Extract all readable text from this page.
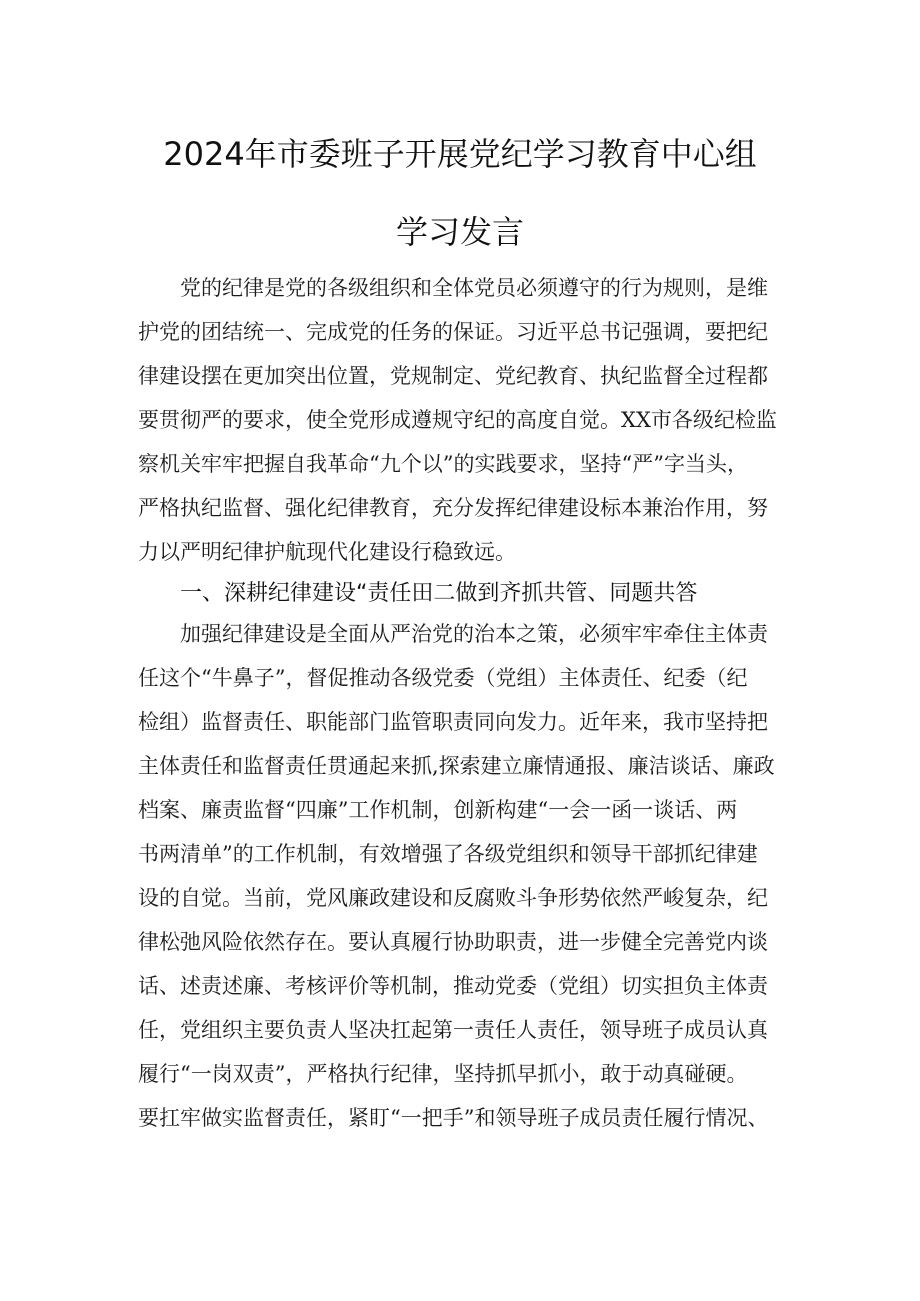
2024年市委班子开展党纪学习教育中心组
学习发言
党的纪律是党的各级组织和全体党员必须遵守的行为规则，是维
护党的团结统一、完成党的任务的保证。习近平总书记强调，要把纪
律建设摆在更加突出位置，党规制定、党纪教育、执纪监督全过程都
要贯彻严的要求，使全党形成遵规守纪的高度自觉。XX市各级纪检监
察机关牢牢把握自我革命“九个以”的实践要求，坚持“严”字当头，
严格执纪监督、强化纪律教育，充分发挥纪律建设标本兼治作用，努
力以严明纪律护航现代化建设行稳致远。
一、深耕纪律建设“责任田二做到齐抓共管、同题共答
加强纪律建设是全面从严治党的治本之策，必须牢牢牵住主体责
任这个“牛鼻子”，督促推动各级党委（党组）主体责任、纪委（纪
检组）监督责任、职能部门监管职责同向发力。近年来，我市坚持把
主体责任和监督责任贯通起来抓,探索建立廉情通报、廉洁谈话、廉政
档案、廉责监督“四廉”工作机制，创新构建“一会一函一谈话、两
书两清单”的工作机制，有效增强了各级党组织和领导干部抓纪律建
设的自觉。当前，党风廉政建设和反腐败斗争形势依然严峻复杂，纪
律松弛风险依然存在。要认真履行协助职责，进一步健全完善党内谈
话、述责述廉、考核评价等机制，推动党委（党组）切实担负主体责
任，党组织主要负责人坚决扛起第一责任人责任，领导班子成员认真
履行“一岗双责”，严格执行纪律，坚持抓早抓小，敢于动真碰硬。
要扛牢做实监督责任，紧盯“一把手”和领导班子成员责任履行情况、
